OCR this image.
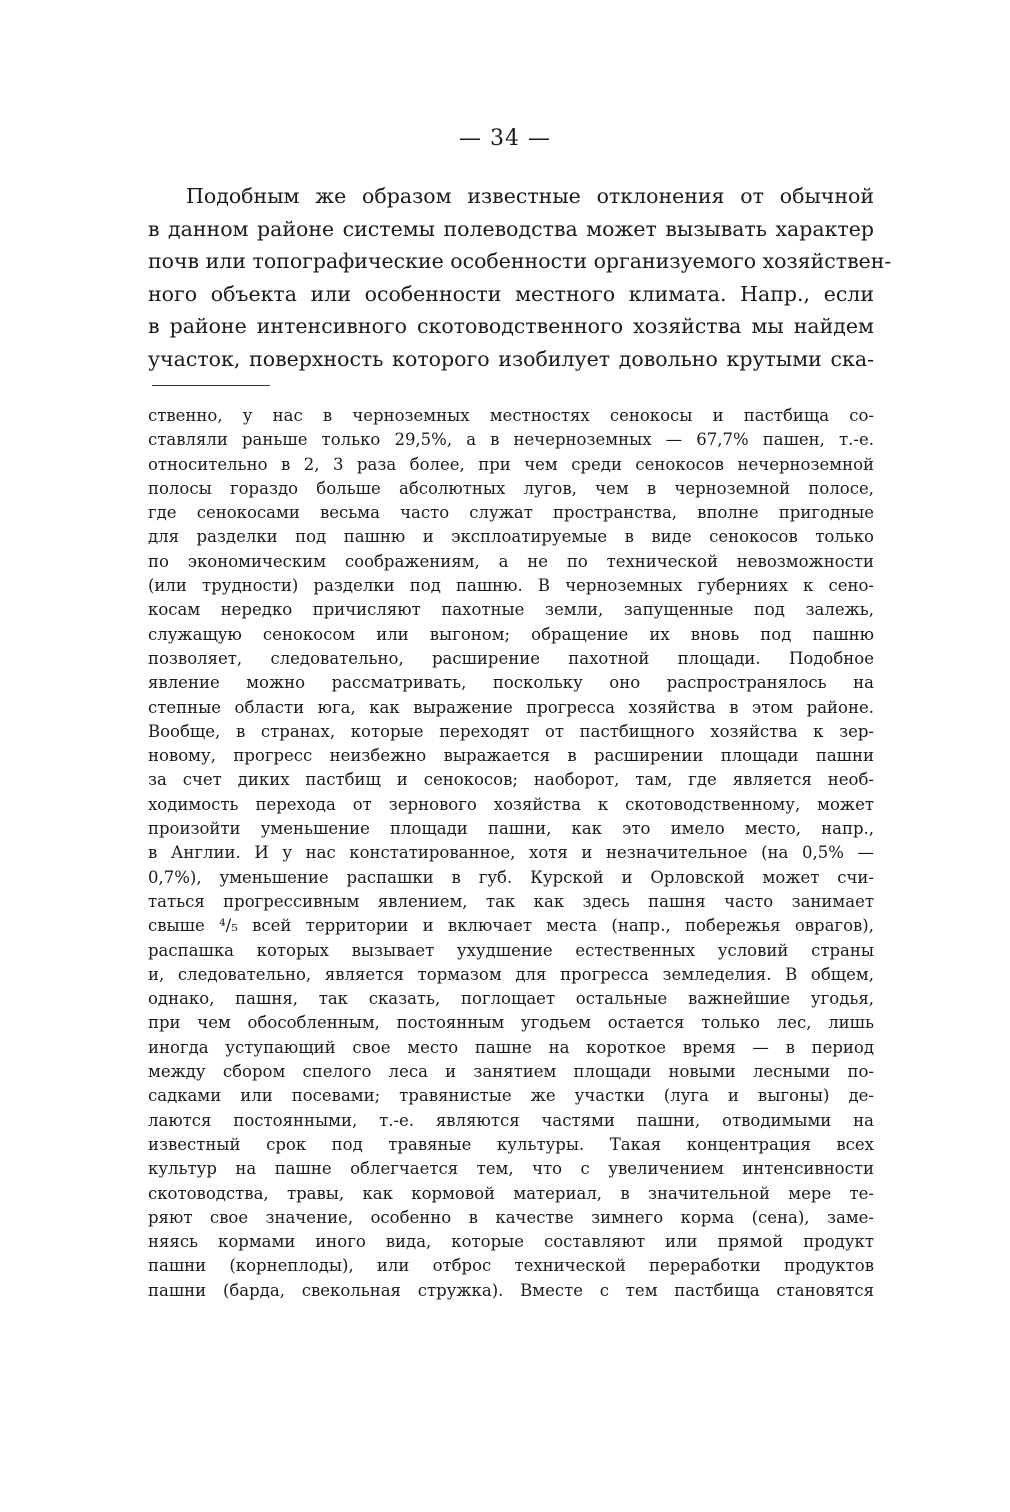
— 34 —
Подобным же образом известные отклонения от обычной
в данном районе системы полеводства может вызывать характер
почв или топографические особенности организуемого хозяйствен-
ного объекта или особенности местного климата. Напр., если
в районе интенсивного скотоводственного хозяйства мы найдем
участок, поверхность которого изобилует довольно крутыми ска-
ственно, у нас в черноземных местностях сенокосы и пастбища со-
ставляли раньше только 29,5%, а в нечерноземных — 67,7% пашен, т.-е.
относительно в 2, 3 раза более, при чем среди сенокосов нечерноземной
полосы гораздо больше абсолютных лугов, чем в черноземной полосе,
где сенокосами весьма часто служат пространства, вполне пригодные
для разделки под пашню и эксплоатируемые в виде сенокосов только
по экономическим соображениям, а не по технической невозможности
(или трудности) разделки под пашню. В черноземных губерниях к сено-
косам нередко причисляют пахотные земли, запущенные под залежь,
служащую сенокосом или выгоном; обращение их вновь под пашню
позволяет, следовательно, расширение пахотной площади. Подобное
явление можно рассматривать, поскольку оно распространялось на
степные области юга, как выражение прогресса хозяйства в этом районе.
Вообще, в странах, которые переходят от пастбищного хозяйства к зер-
новому, прогресс неизбежно выражается в расширении площади пашни
за счет диких пастбищ и сенокосов; наоборот, там, где является необ-
ходимость перехода от зернового хозяйства к скотоводственному, может
произойти уменьшение площади пашни, как это имело место, напр.,
в Англии. И у нас констатированное, хотя и незначительное (на 0,5% —
0,7%), уменьшение распашки в губ. Курской и Орловской может счи-
таться прогрессивным явлением, так как здесь пашня часто занимает
свыше ⁴/₅ всей территории и включает места (напр., побережья оврагов),
распашка которых вызывает ухудшение естественных условий страны
и, следовательно, является тормазом для прогресса земледелия. В общем,
однако, пашня, так сказать, поглощает остальные важнейшие угодья,
при чем обособленным, постоянным угодьем остается только лес, лишь
иногда уступающий свое место пашне на короткое время — в период
между сбором спелого леса и занятием площади новыми лесными по-
садками или посевами; травянистые же участки (луга и выгоны) де-
лаются постоянными, т.-е. являются частями пашни, отводимыми на
известный срок под травяные культуры. Такая концентрация всех
культур на пашне облегчается тем, что с увеличением интенсивности
скотоводства, травы, как кормовой материал, в значительной мере те-
ряют свое значение, особенно в качестве зимнего корма (сена), заме-
няясь кормами иного вида, которые составляют или прямой продукт
пашни (корнеплоды), или отброс технической переработки продуктов
пашни (барда, свекольная стружка). Вместе с тем пастбища становятся
